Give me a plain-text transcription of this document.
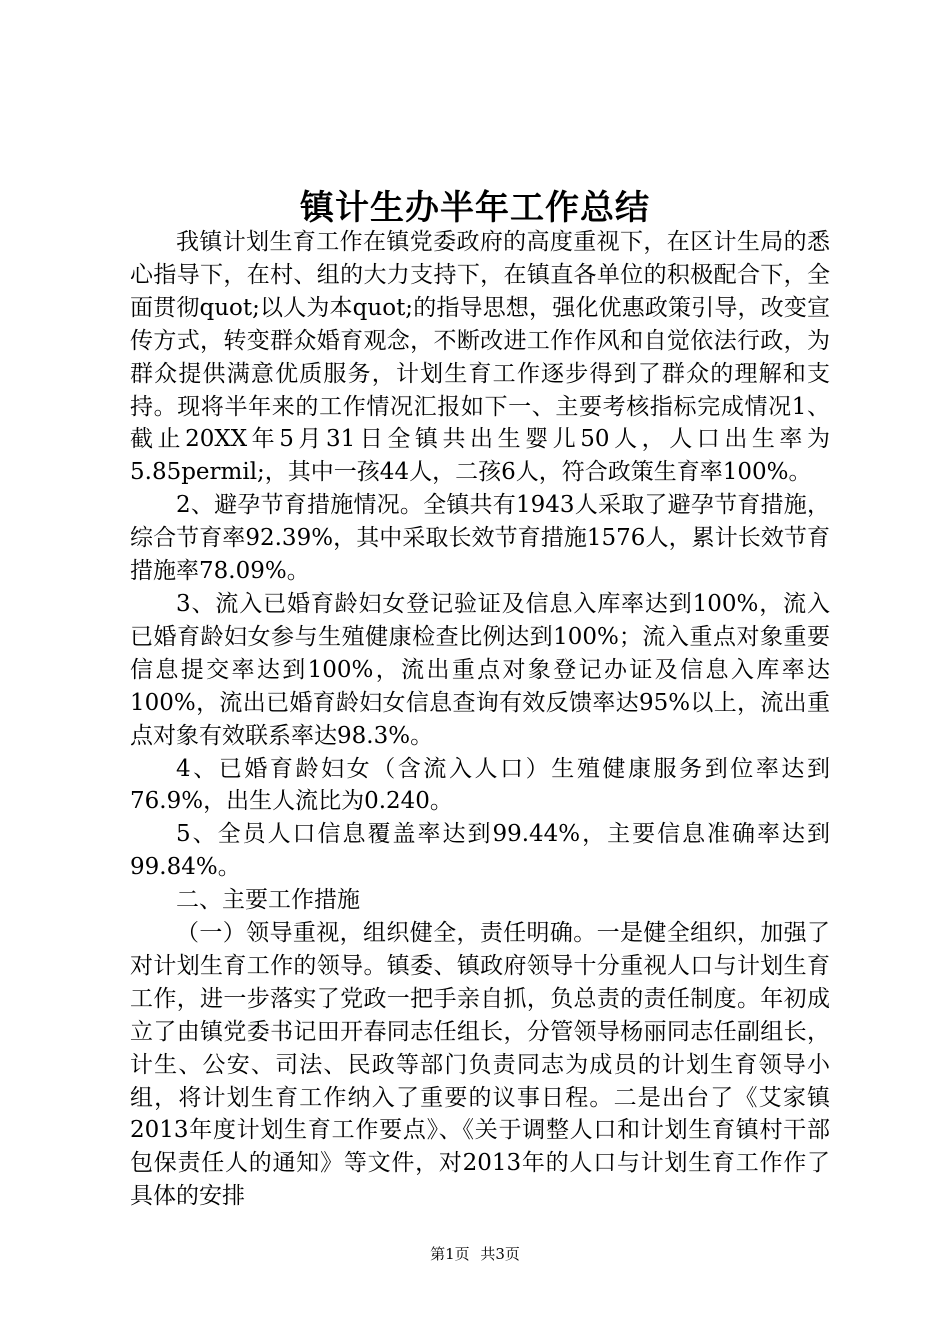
镇计生办半年工作总结

我镇计划生育工作在镇党委政府的高度重视下，在区计生局的悉心指导下，在村、组的大力支持下，在镇直各单位的积极配合下，全面贯彻quot;以人为本quot;的指导思想，强化优惠政策引导，改变宣传方式，转变群众婚育观念，不断改进工作作风和自觉依法行政，为群众提供满意优质服务，计划生育工作逐步得到了群众的理解和支持。现将半年来的工作情况汇报如下一、主要考核指标完成情况1、截止20XX年5月31日全镇共出生婴儿50人，人口出生率为5.85permil;，其中一孩44人，二孩6人，符合政策生育率100%。

2、避孕节育措施情况。全镇共有1943人采取了避孕节育措施，综合节育率92.39%，其中采取长效节育措施1576人，累计长效节育措施率78.09%。

3、流入已婚育龄妇女登记验证及信息入库率达到100%，流入已婚育龄妇女参与生殖健康检查比例达到100%；流入重点对象重要信息提交率达到100%，流出重点对象登记办证及信息入库率达100%，流出已婚育龄妇女信息查询有效反馈率达95%以上，流出重点对象有效联系率达98.3%。

4、已婚育龄妇女（含流入人口）生殖健康服务到位率达到76.9%，出生人流比为0.240。

5、全员人口信息覆盖率达到99.44%，主要信息准确率达到99.84%。

二、主要工作措施

（一）领导重视，组织健全，责任明确。一是健全组织，加强了对计划生育工作的领导。镇委、镇政府领导十分重视人口与计划生育工作，进一步落实了党政一把手亲自抓，负总责的责任制度。年初成立了由镇党委书记田开春同志任组长，分管领导杨丽同志任副组长，计生、公安、司法、民政等部门负责同志为成员的计划生育领导小组，将计划生育工作纳入了重要的议事日程。二是出台了《艾家镇2013年度计划生育工作要点》、《关于调整人口和计划生育镇村干部包保责任人的通知》等文件，对2013年的人口与计划生育工作作了具体的安排

第1页 共3页
